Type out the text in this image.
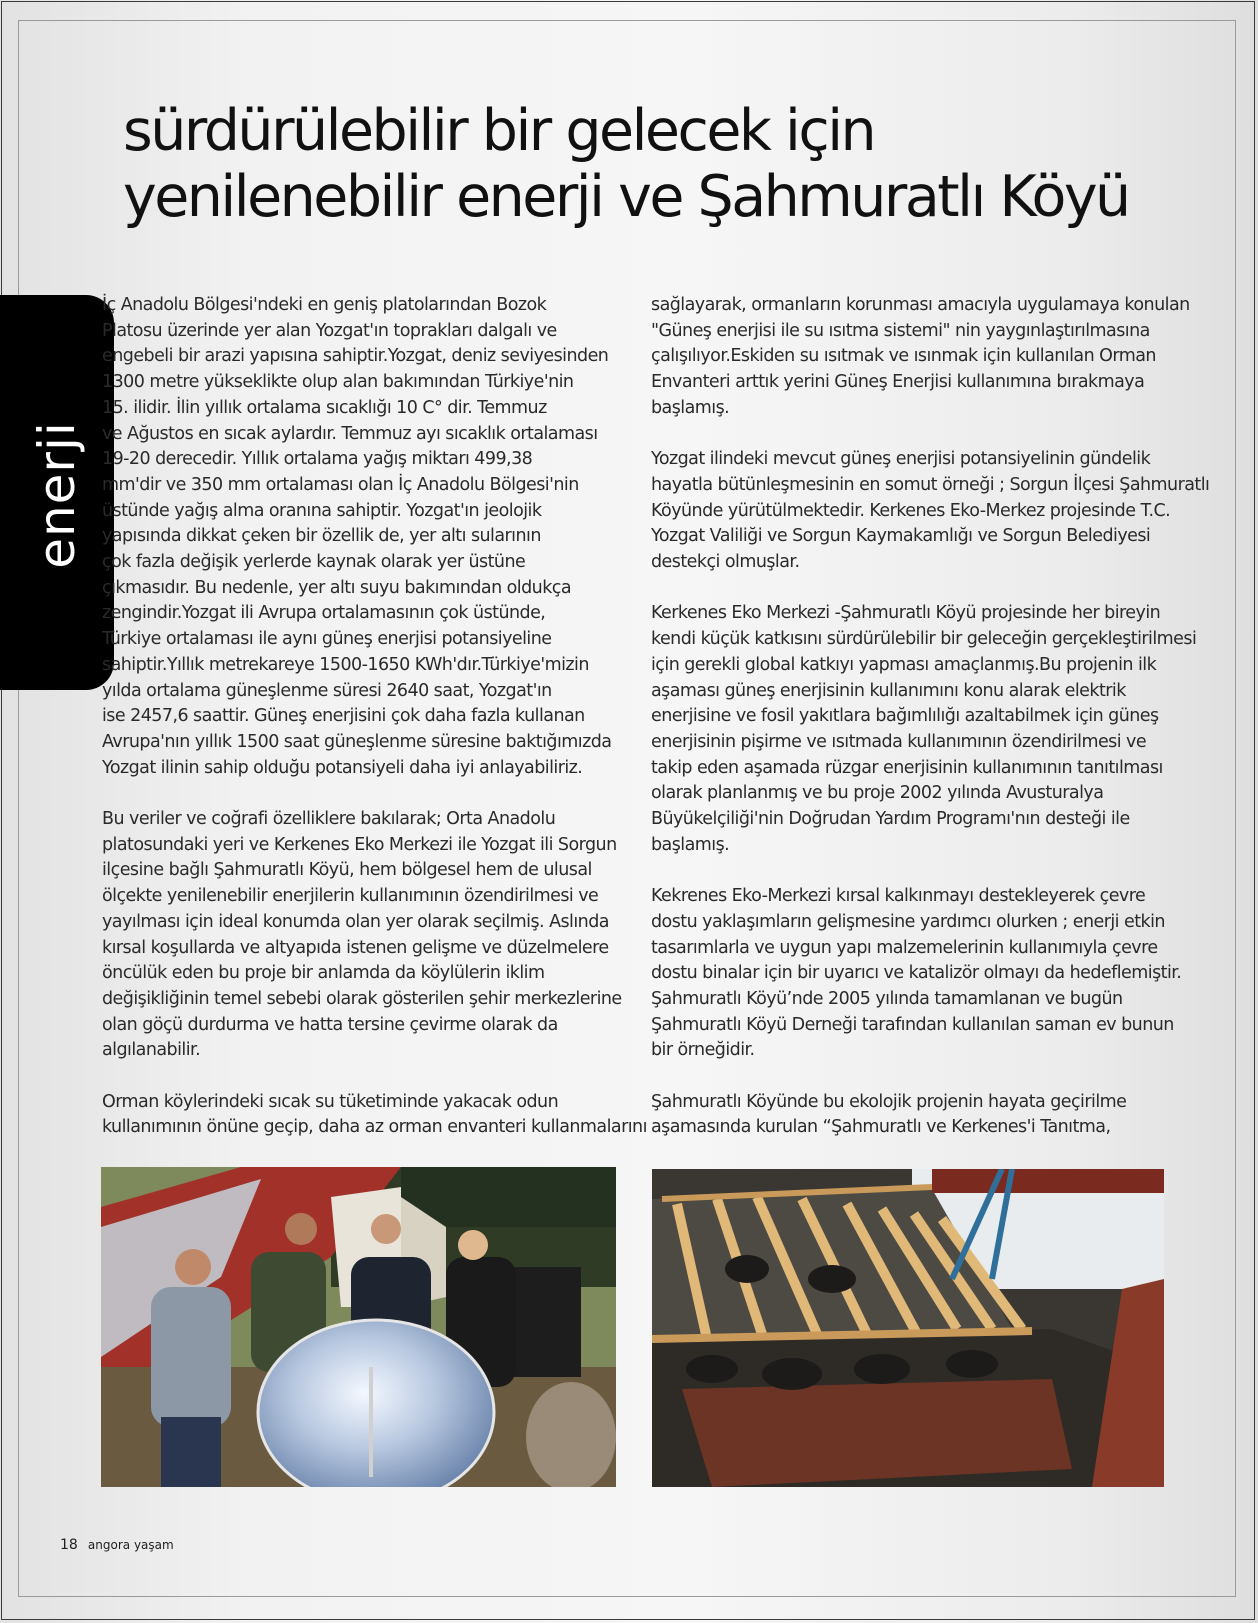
sürdürülebilir bir gelecek için
yenilenebilir enerji ve Şahmuratlı Köyü
enerji
İç Anadolu Bölgesi'ndeki en geniş platolarından Bozok
Platosu üzerinde yer alan Yozgat'ın toprakları dalgalı ve
engebeli bir arazi yapısına sahiptir.Yozgat, deniz seviyesinden
1300 metre yükseklikte olup alan bakımından Türkiye'nin
15. ilidir. İlin yıllık ortalama sıcaklığı 10 C° dir. Temmuz
ve Ağustos en sıcak aylardır. Temmuz ayı sıcaklık ortalaması
19-20 derecedir. Yıllık ortalama yağış miktarı 499,38
mm'dir ve 350 mm ortalaması olan İç Anadolu Bölgesi'nin
üstünde yağış alma oranına sahiptir. Yozgat'ın jeolojik
yapısında dikkat çeken bir özellik de, yer altı sularının
çok fazla değişik yerlerde kaynak olarak yer üstüne
çıkmasıdır. Bu nedenle, yer altı suyu bakımından oldukça
zengindir.Yozgat ili Avrupa ortalamasının çok üstünde,
Türkiye ortalaması ile aynı güneş enerjisi potansiyeline
sahiptir.Yıllık metrekareye 1500-1650 KWh'dır.Türkiye'mizin
yılda ortalama güneşlenme süresi 2640 saat, Yozgat'ın
ise 2457,6 saattir. Güneş enerjisini çok daha fazla kullanan
Avrupa'nın yıllık 1500 saat güneşlenme süresine baktığımızda
Yozgat ilinin sahip olduğu potansiyeli daha iyi anlayabiliriz.
Bu veriler ve coğrafi özelliklere bakılarak; Orta Anadolu
platosundaki yeri ve Kerkenes Eko Merkezi ile Yozgat ili Sorgun
ilçesine bağlı Şahmuratlı Köyü, hem bölgesel hem de ulusal
ölçekte yenilenebilir enerjilerin kullanımının özendirilmesi ve
yayılması için ideal konumda olan yer olarak seçilmiş. Aslında
kırsal koşullarda ve altyapıda istenen gelişme ve düzelmelere
öncülük eden bu proje bir anlamda da köylülerin iklim
değişikliğinin temel sebebi olarak gösterilen şehir merkezlerine
olan göçü durdurma ve hatta tersine çevirme olarak da
algılanabilir.
Orman köylerindeki sıcak su tüketiminde yakacak odun
kullanımının önüne geçip, daha az orman envanteri kullanmalarını
sağlayarak, ormanların korunması amacıyla uygulamaya konulan
"Güneş enerjisi ile su ısıtma sistemi" nin yaygınlaştırılmasına
çalışılıyor.Eskiden su ısıtmak ve ısınmak için kullanılan Orman
Envanteri arttık yerini Güneş Enerjisi kullanımına bırakmaya
başlamış.
Yozgat ilindeki mevcut güneş enerjisi potansiyelinin gündelik
hayatla bütünleşmesinin en somut örneği ; Sorgun İlçesi Şahmuratlı
Köyünde yürütülmektedir. Kerkenes Eko-Merkez projesinde T.C.
Yozgat Valiliği ve Sorgun Kaymakamlığı ve Sorgun Belediyesi
destekçi olmuşlar.
Kerkenes Eko Merkezi -Şahmuratlı Köyü projesinde her bireyin
kendi küçük katkısını sürdürülebilir bir geleceğin gerçekleştirilmesi
için gerekli global katkıyı yapması amaçlanmış.Bu projenin ilk
aşaması güneş enerjisinin kullanımını konu alarak elektrik
enerjisine ve fosil yakıtlara bağımlılığı azaltabilmek için güneş
enerjisinin pişirme ve ısıtmada kullanımının özendirilmesi ve
takip eden aşamada rüzgar enerjisinin kullanımının tanıtılması
olarak planlanmış ve bu proje 2002 yılında Avusturalya
Büyükelçiliği'nin Doğrudan Yardım Programı'nın desteği ile
başlamış.
Kekrenes Eko-Merkezi kırsal kalkınmayı destekleyerek çevre
dostu yaklaşımların gelişmesine yardımcı olurken ; enerji etkin
tasarımlarla ve uygun yapı malzemelerinin kullanımıyla çevre
dostu binalar için bir uyarıcı ve katalizör olmayı da hedeflemiştir.
Şahmuratlı Köyü’nde 2005 yılında tamamlanan ve bugün
Şahmuratlı Köyü Derneği tarafından kullanılan saman ev bunun
bir örneğidir.
Şahmuratlı Köyünde bu ekolojik projenin hayata geçirilme
aşamasında kurulan “Şahmuratlı ve Kerkenes'i Tanıtma,
18 angora yaşam
